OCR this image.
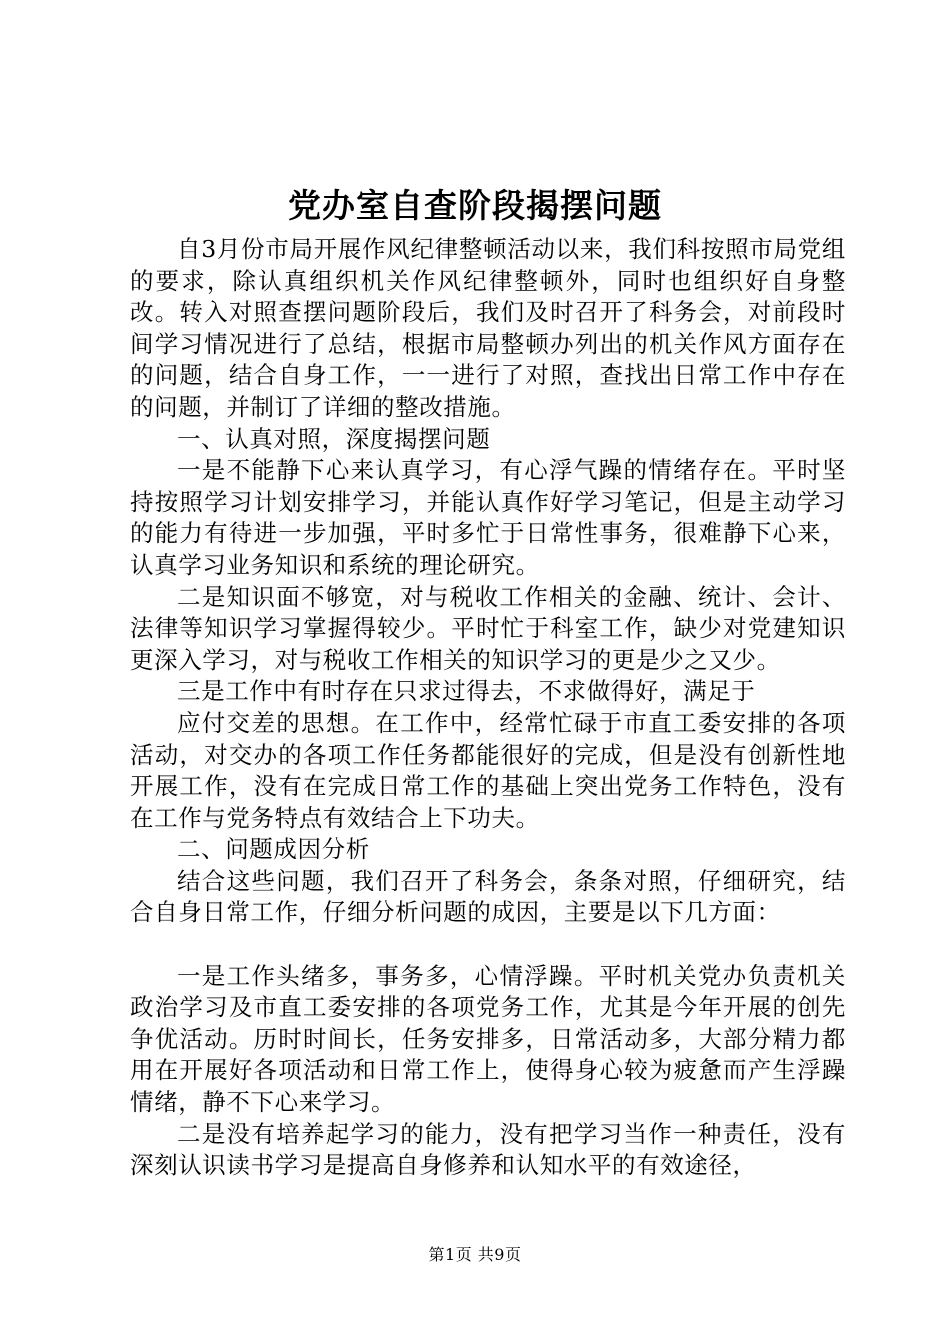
党办室自查阶段揭摆问题

自3月份市局开展作风纪律整顿活动以来，我们科按照市局党组的要求，除认真组织机关作风纪律整顿外，同时也组织好自身整改。转入对照查摆问题阶段后，我们及时召开了科务会，对前段时间学习情况进行了总结，根据市局整顿办列出的机关作风方面存在的问题，结合自身工作，一一进行了对照，查找出日常工作中存在的问题，并制订了详细的整改措施。

一、认真对照，深度揭摆问题

一是不能静下心来认真学习，有心浮气躁的情绪存在。平时坚持按照学习计划安排学习，并能认真作好学习笔记，但是主动学习的能力有待进一步加强，平时多忙于日常性事务，很难静下心来，认真学习业务知识和系统的理论研究。

二是知识面不够宽，对与税收工作相关的金融、统计、会计、法律等知识学习掌握得较少。平时忙于科室工作，缺少对党建知识更深入学习，对与税收工作相关的知识学习的更是少之又少。

三是工作中有时存在只求过得去，不求做得好，满足于

应付交差的思想。在工作中，经常忙碌于市直工委安排的各项活动，对交办的各项工作任务都能很好的完成，但是没有创新性地开展工作，没有在完成日常工作的基础上突出党务工作特色，没有在工作与党务特点有效结合上下功夫。

二、问题成因分析

结合这些问题，我们召开了科务会，条条对照，仔细研究，结合自身日常工作，仔细分析问题的成因，主要是以下几方面：

一是工作头绪多，事务多，心情浮躁。平时机关党办负责机关政治学习及市直工委安排的各项党务工作，尤其是今年开展的创先争优活动。历时时间长，任务安排多，日常活动多，大部分精力都用在开展好各项活动和日常工作上，使得身心较为疲惫而产生浮躁情绪，静不下心来学习。

二是没有培养起学习的能力，没有把学习当作一种责任，没有深刻认识读书学习是提高自身修养和认知水平的有效途径，

第1页 共9页
